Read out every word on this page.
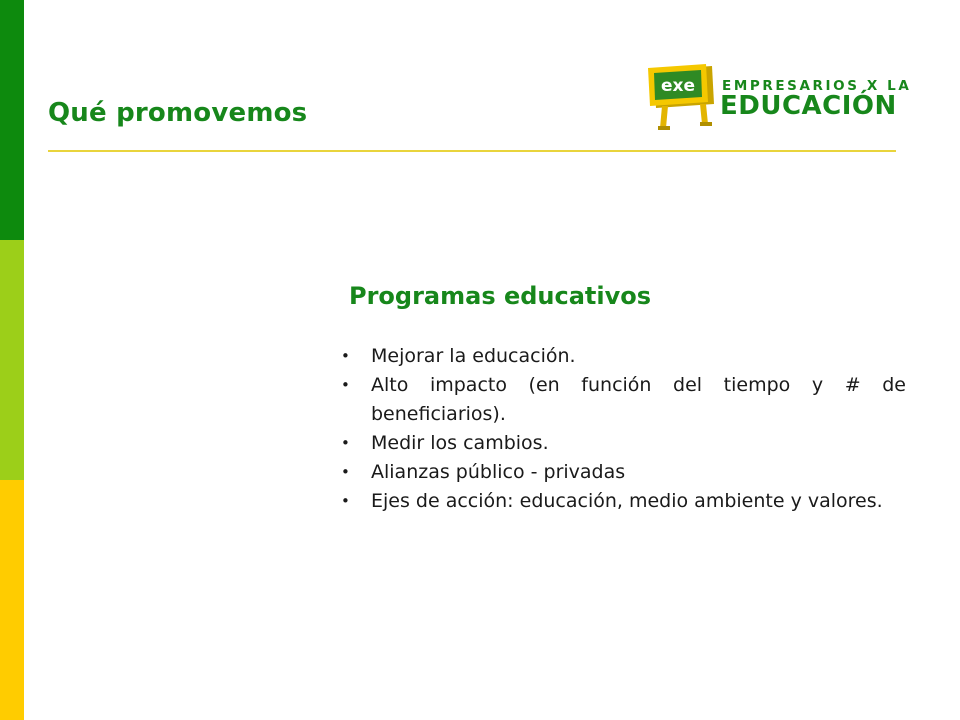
Qué promovemos
exe EMPRESARIOS X LA
EDUCACIÓN
Programas educativos
• Mejorar la educación.
• Alto impacto (en función del tiempo y # de beneficiarios).
• Medir los cambios.
• Alianzas público - privadas
• Ejes de acción: educación, medio ambiente y valores.
